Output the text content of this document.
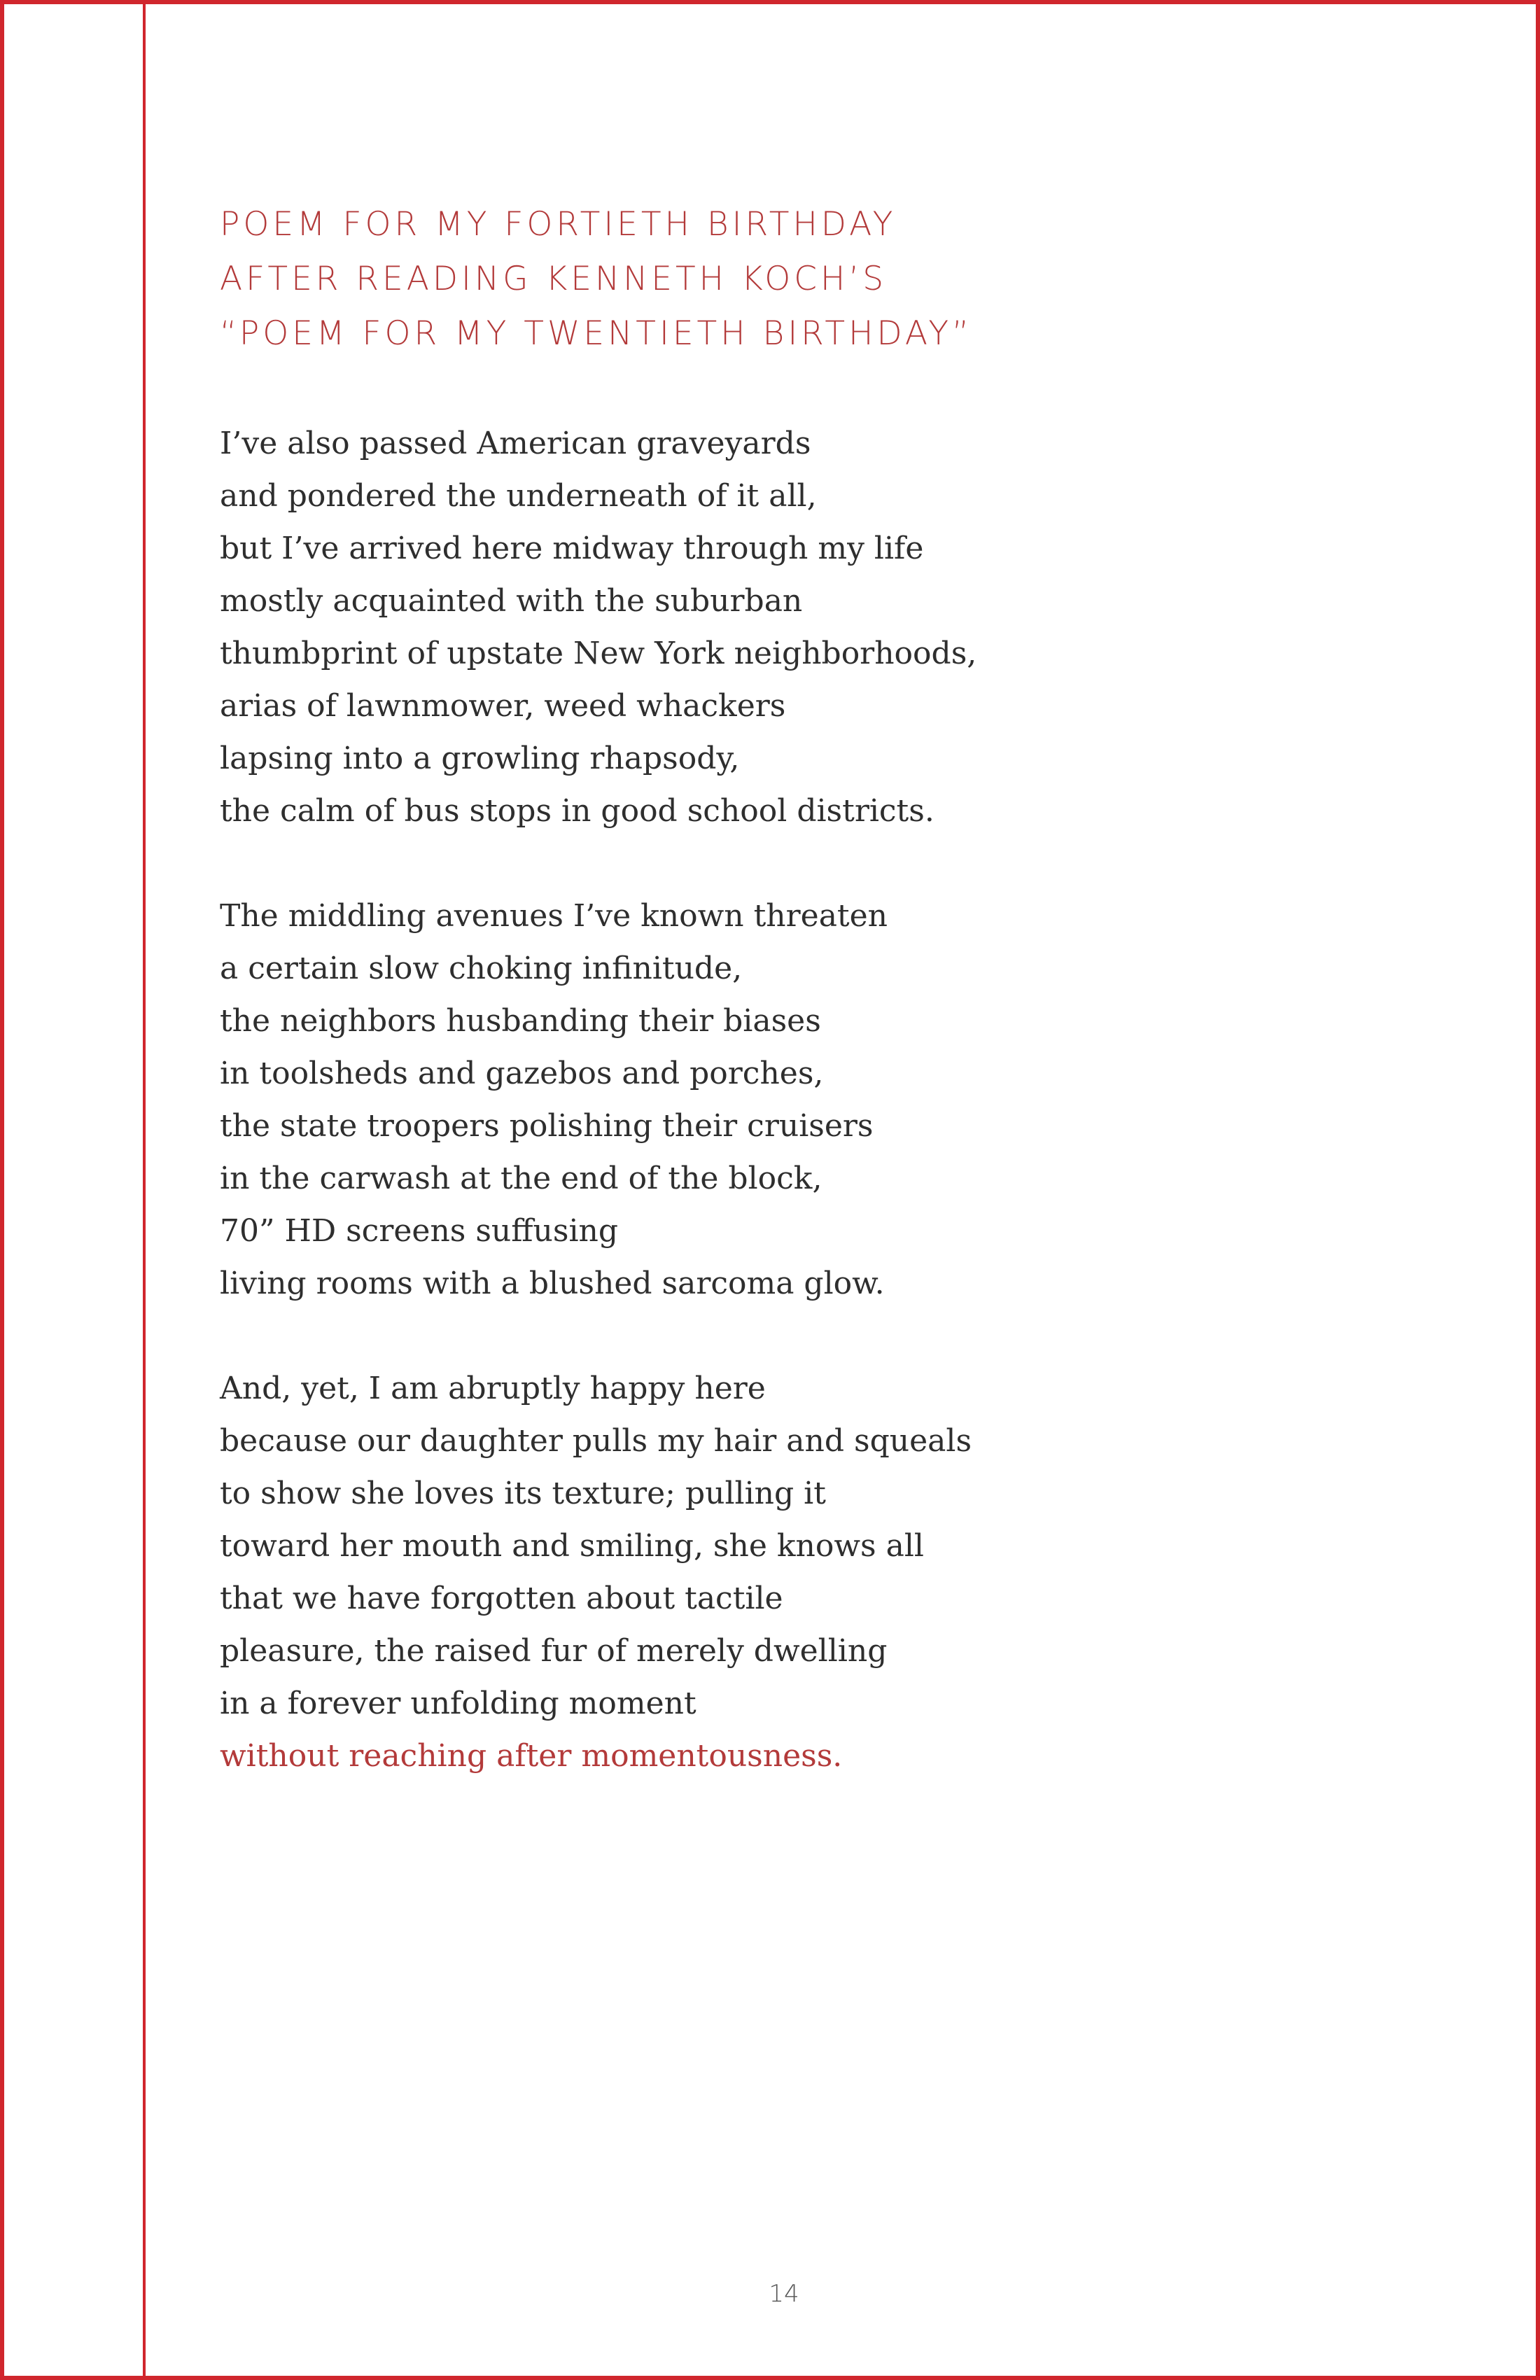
POEM FOR MY FORTIETH BIRTHDAY
AFTER READING KENNETH KOCH’S
“POEM FOR MY TWENTIETH BIRTHDAY”
I’ve also passed American graveyards
and pondered the underneath of it all,
but I’ve arrived here midway through my life
mostly acquainted with the suburban
thumbprint of upstate New York neighborhoods,
arias of lawnmower, weed whackers
lapsing into a growling rhapsody,
the calm of bus stops in good school districts.
The middling avenues I’ve known threaten
a certain slow choking infinitude,
the neighbors husbanding their biases
in toolsheds and gazebos and porches,
the state troopers polishing their cruisers
in the carwash at the end of the block,
70” HD screens suffusing
living rooms with a blushed sarcoma glow.
And, yet, I am abruptly happy here
because our daughter pulls my hair and squeals
to show she loves its texture; pulling it
toward her mouth and smiling, she knows all
that we have forgotten about tactile
pleasure, the raised fur of merely dwelling
in a forever unfolding moment
without reaching after momentousness.
14
